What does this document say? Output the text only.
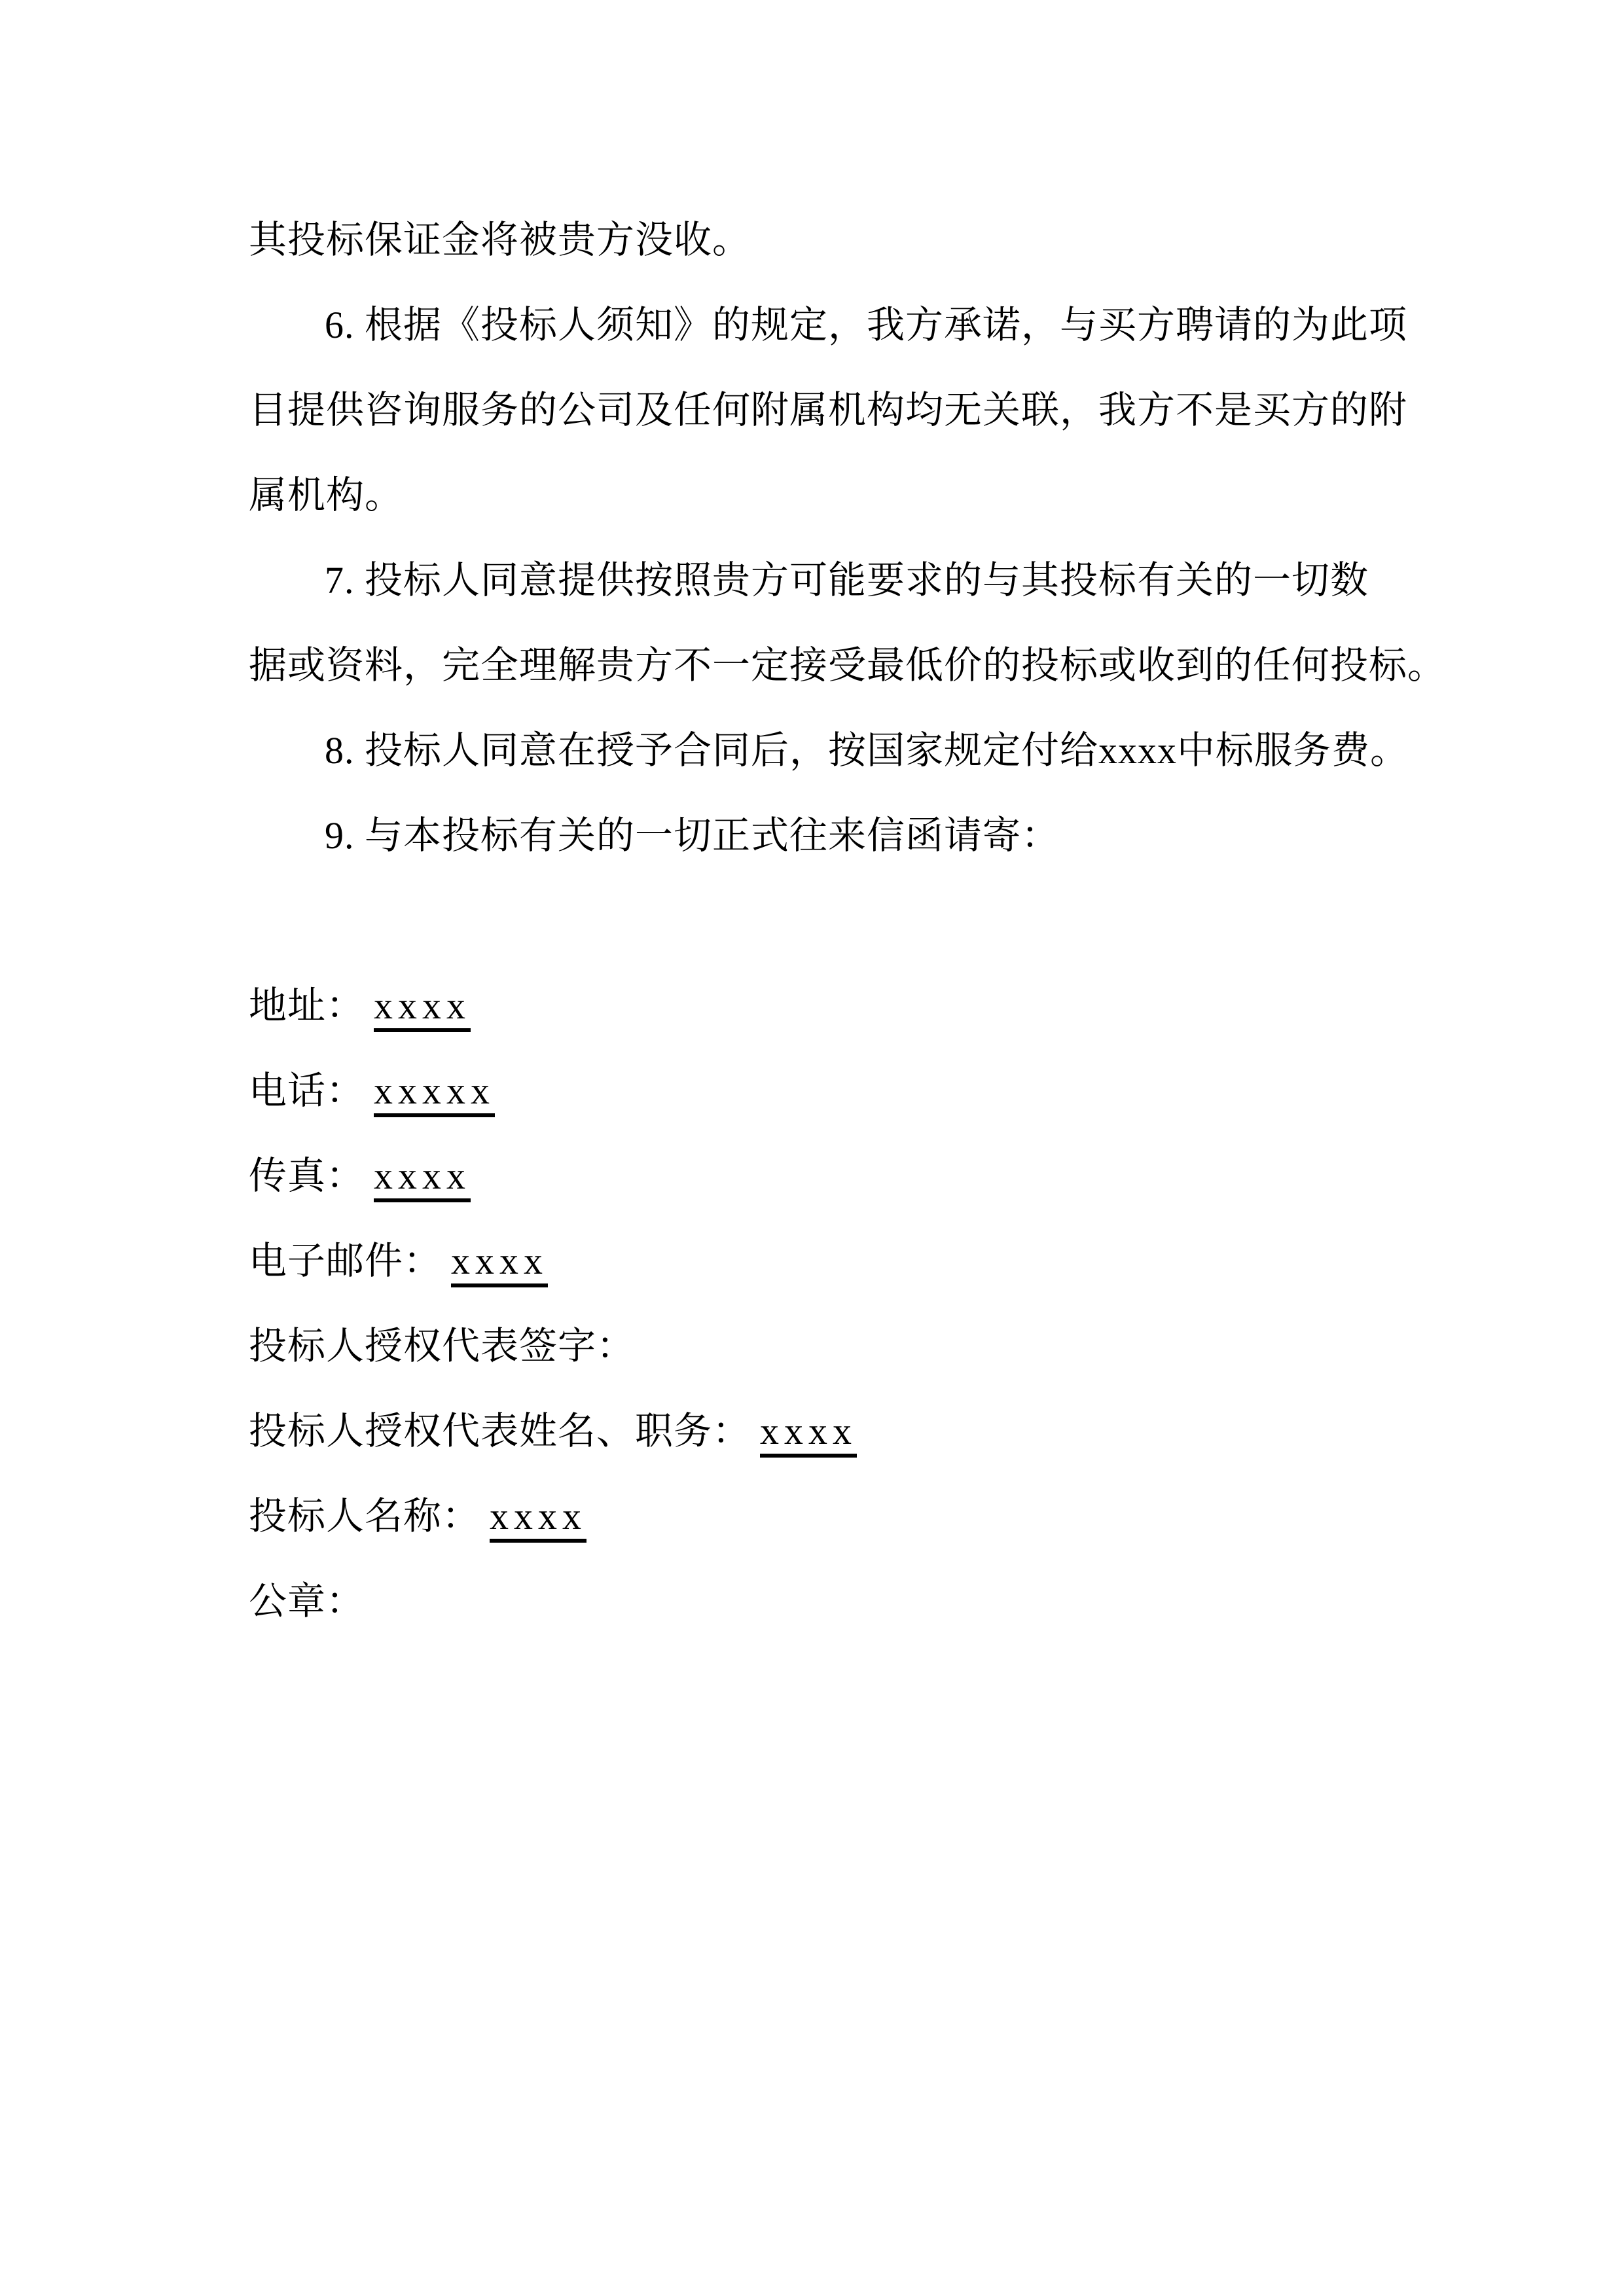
其投标保证金将被贵方没收。
6. 根据《投标人须知》的规定，我方承诺，与买方聘请的为此项
目提供咨询服务的公司及任何附属机构均无关联，我方不是买方的附
属机构。
7. 投标人同意提供按照贵方可能要求的与其投标有关的一切数
据或资料，完全理解贵方不一定接受最低价的投标或收到的任何投标。
8. 投标人同意在授予合同后，按国家规定付给xxxx中标服务费。
9. 与本投标有关的一切正式往来信函请寄：
地址： xxxx
电话： xxxxx
传真： xxxx
电子邮件： xxxx
投标人授权代表签字：
投标人授权代表姓名、职务： xxxx
投标人名称： xxxx
公章：
